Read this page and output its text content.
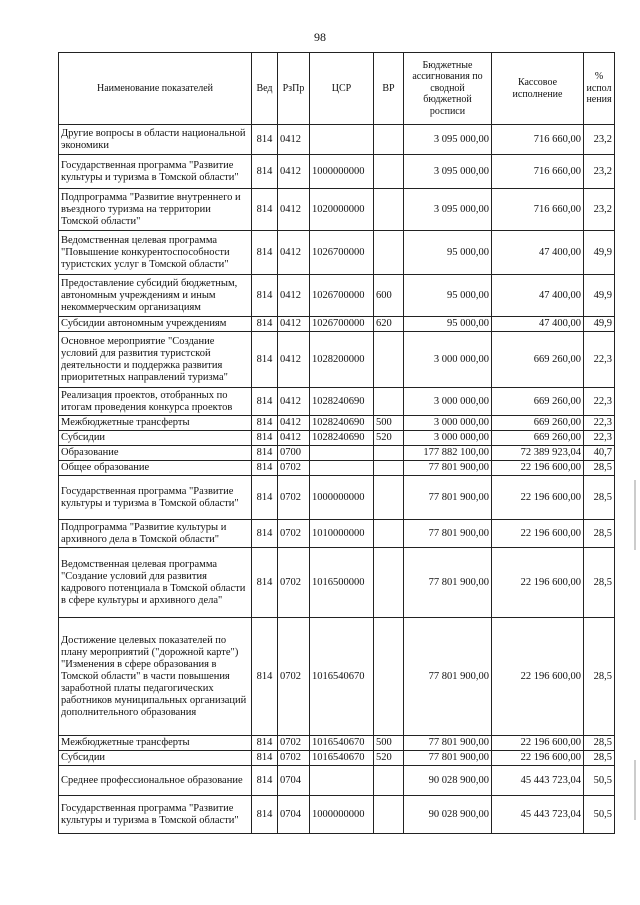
98
Наименование показателей	Вед	РзПр	ЦСР	ВР	Бюджетные ассигнования по сводной бюджетной росписи	Кассовое исполнение	% испол нения
Другие вопросы в области национальной экономики	814	0412			3 095 000,00	716 660,00	23,2
Государственная программа "Развитие культуры и туризма в Томской области"	814	0412	1000000000		3 095 000,00	716 660,00	23,2
Подпрограмма "Развитие внутреннего и въездного туризма на территории Томской области"	814	0412	1020000000		3 095 000,00	716 660,00	23,2
Ведомственная целевая программа "Повышение конкурентоспособности туристских услуг в Томской области"	814	0412	1026700000		95 000,00	47 400,00	49,9
Предоставление субсидий бюджетным, автономным учреждениям и иным некоммерческим организациям	814	0412	1026700000	600	95 000,00	47 400,00	49,9
Субсидии автономным учреждениям	814	0412	1026700000	620	95 000,00	47 400,00	49,9
Основное мероприятие "Создание условий для развития туристской деятельности и поддержка развития приоритетных направлений туризма"	814	0412	1028200000		3 000 000,00	669 260,00	22,3
Реализация проектов, отобранных по итогам проведения конкурса проектов	814	0412	1028240690		3 000 000,00	669 260,00	22,3
Межбюджетные трансферты	814	0412	1028240690	500	3 000 000,00	669 260,00	22,3
Субсидии	814	0412	1028240690	520	3 000 000,00	669 260,00	22,3
Образование	814	0700			177 882 100,00	72 389 923,04	40,7
Общее образование	814	0702			77 801 900,00	22 196 600,00	28,5
Государственная программа "Развитие культуры и туризма в Томской области"	814	0702	1000000000		77 801 900,00	22 196 600,00	28,5
Подпрограмма "Развитие культуры и архивного дела в Томской области"	814	0702	1010000000		77 801 900,00	22 196 600,00	28,5
Ведомственная целевая программа "Создание условий для развития кадрового потенциала в Томской области в сфере культуры и архивного дела"	814	0702	1016500000		77 801 900,00	22 196 600,00	28,5
Достижение целевых показателей по плану мероприятий ("дорожной карте") "Изменения в сфере образования в Томской области" в части повышения заработной платы педагогических работников муниципальных организаций дополнительного образования	814	0702	1016540670		77 801 900,00	22 196 600,00	28,5
Межбюджетные трансферты	814	0702	1016540670	500	77 801 900,00	22 196 600,00	28,5
Субсидии	814	0702	1016540670	520	77 801 900,00	22 196 600,00	28,5
Среднее профессиональное образование	814	0704			90 028 900,00	45 443 723,04	50,5
Государственная программа "Развитие культуры и туризма в Томской области"	814	0704	1000000000		90 028 900,00	45 443 723,04	50,5
